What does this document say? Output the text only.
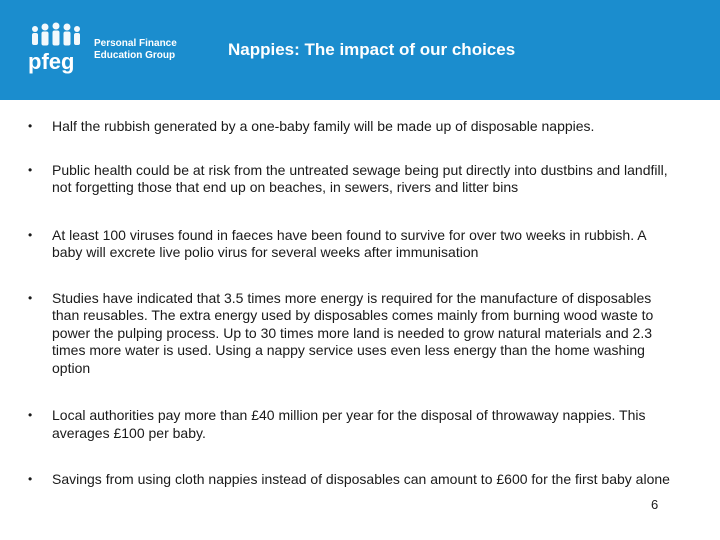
pfeg
Personal Finance
Education Group	Nappies: The impact of our choices
• Half the rubbish generated by a one-baby family will be made up of disposable nappies.
• Public health could be at risk from the untreated sewage being put directly into dustbins and landfill, not forgetting those that end up on beaches, in sewers, rivers and litter bins
• At least 100 viruses found in faeces have been found to survive for over two weeks in rubbish. A baby will excrete live polio virus for several weeks after immunisation
• Studies have indicated that 3.5 times more energy is required for the manufacture of disposables than reusables. The extra energy used by disposables comes mainly from burning wood waste to power the pulping process. Up to 30 times more land is needed to grow natural materials and 2.3 times more water is used. Using a nappy service uses even less energy than the home washing option
• Local authorities pay more than £40 million per year for the disposal of throwaway nappies. This averages £100 per baby.
• Savings from using cloth nappies instead of disposables can amount to £600 for the first baby alone
6
